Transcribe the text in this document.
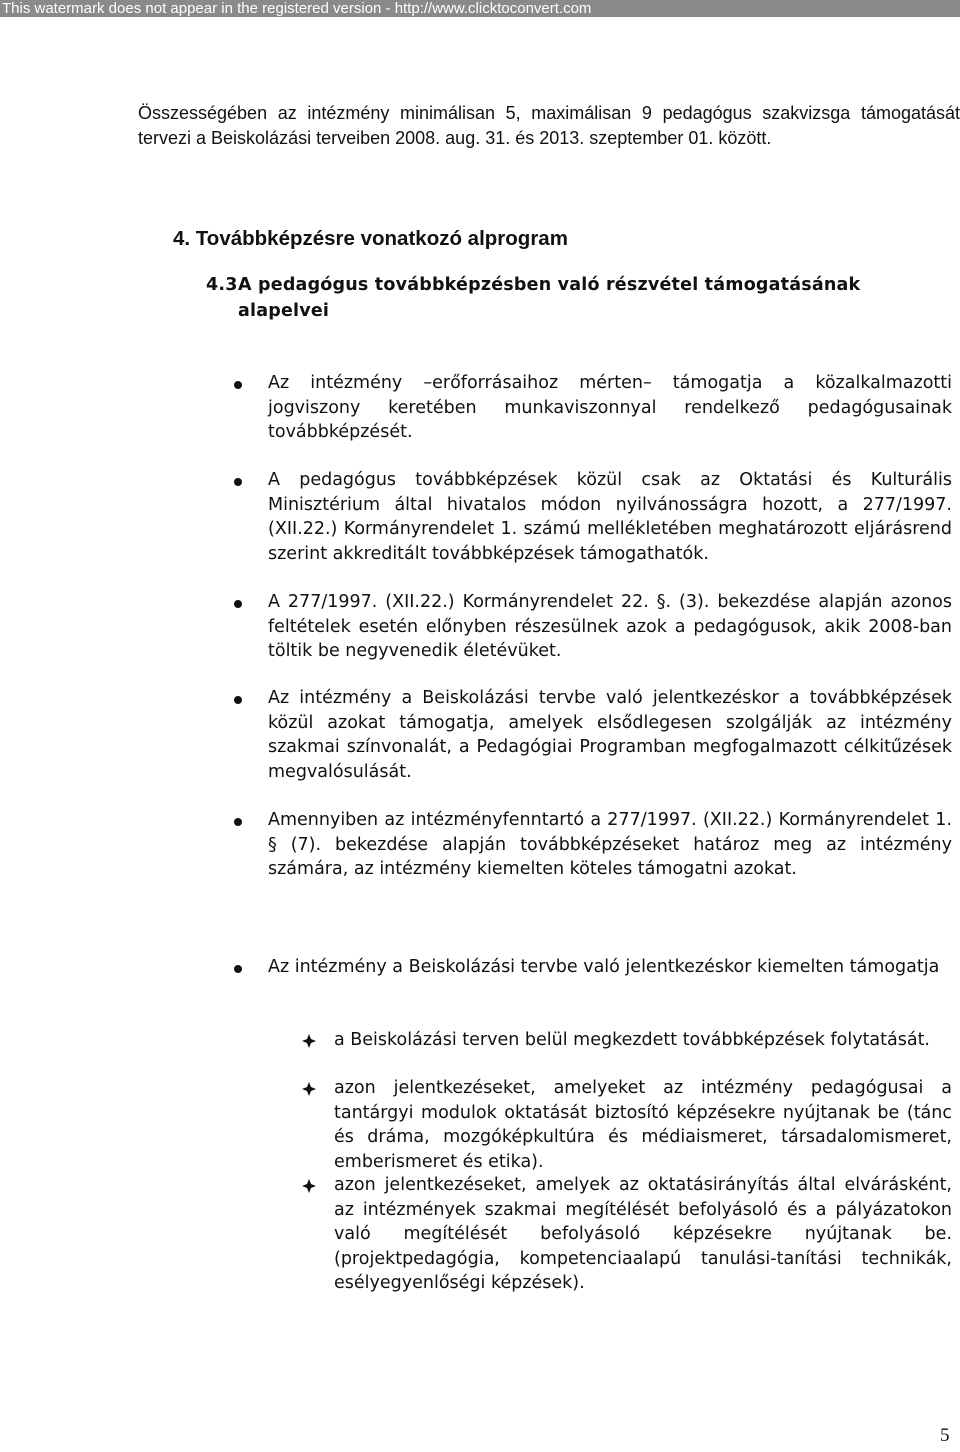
This watermark does not appear in the registered version - http://www.clicktoconvert.com
Összességében az intézmény minimálisan 5, maximálisan 9 pedagógus szakvizsga támogatását tervezi a Beiskolázási terveiben 2008. aug. 31. és 2013. szeptember 01. között.
4. Továbbképzésre vonatkozó alprogram
4.3A pedagógus továbbképzésben való részvétel támogatásának
alapelvei
Az intézmény –erőforrásaihoz mérten– támogatja a közalkalmazotti jogviszony keretében munkaviszonnyal rendelkező pedagógusainak továbbképzését.
A pedagógus továbbképzések közül csak az Oktatási és Kulturális Minisztérium által hivatalos módon nyilvánosságra hozott, a 277/1997. (XII.22.) Kormányrendelet 1. számú mellékletében meghatározott eljárásrend szerint akkreditált továbbképzések támogathatók.
A 277/1997. (XII.22.) Kormányrendelet 22. §. (3). bekezdése alapján azonos feltételek esetén előnyben részesülnek azok a pedagógusok, akik 2008-ban töltik be negyvenedik életévüket.
Az intézmény a Beiskolázási tervbe való jelentkezéskor a továbbképzések közül azokat támogatja, amelyek elsődlegesen szolgálják az intézmény szakmai színvonalát, a Pedagógiai Programban megfogalmazott célkitűzések megvalósulását.
Amennyiben az intézményfenntartó a 277/1997. (XII.22.) Kormányrendelet 1. § (7). bekezdése alapján továbbképzéseket határoz meg az intézmény számára, az intézmény kiemelten köteles támogatni azokat.
Az intézmény a Beiskolázási tervbe való jelentkezéskor kiemelten támogatja
a Beiskolázási terven belül megkezdett továbbképzések folytatását.
azon jelentkezéseket, amelyeket az intézmény pedagógusai a tantárgyi modulok oktatását biztosító képzésekre nyújtanak be (tánc és dráma, mozgóképkultúra és médiaismeret, társadalomismeret, emberismeret és etika).
azon jelentkezéseket, amelyek az oktatásirányítás által elvárásként, az intézmények szakmai megítélését befolyásoló és a pályázatokon való megítélését befolyásoló képzésekre nyújtanak be. (projektpedagógia, kompetenciaalapú tanulási-tanítási technikák, esélyegyenlőségi képzések).
5
